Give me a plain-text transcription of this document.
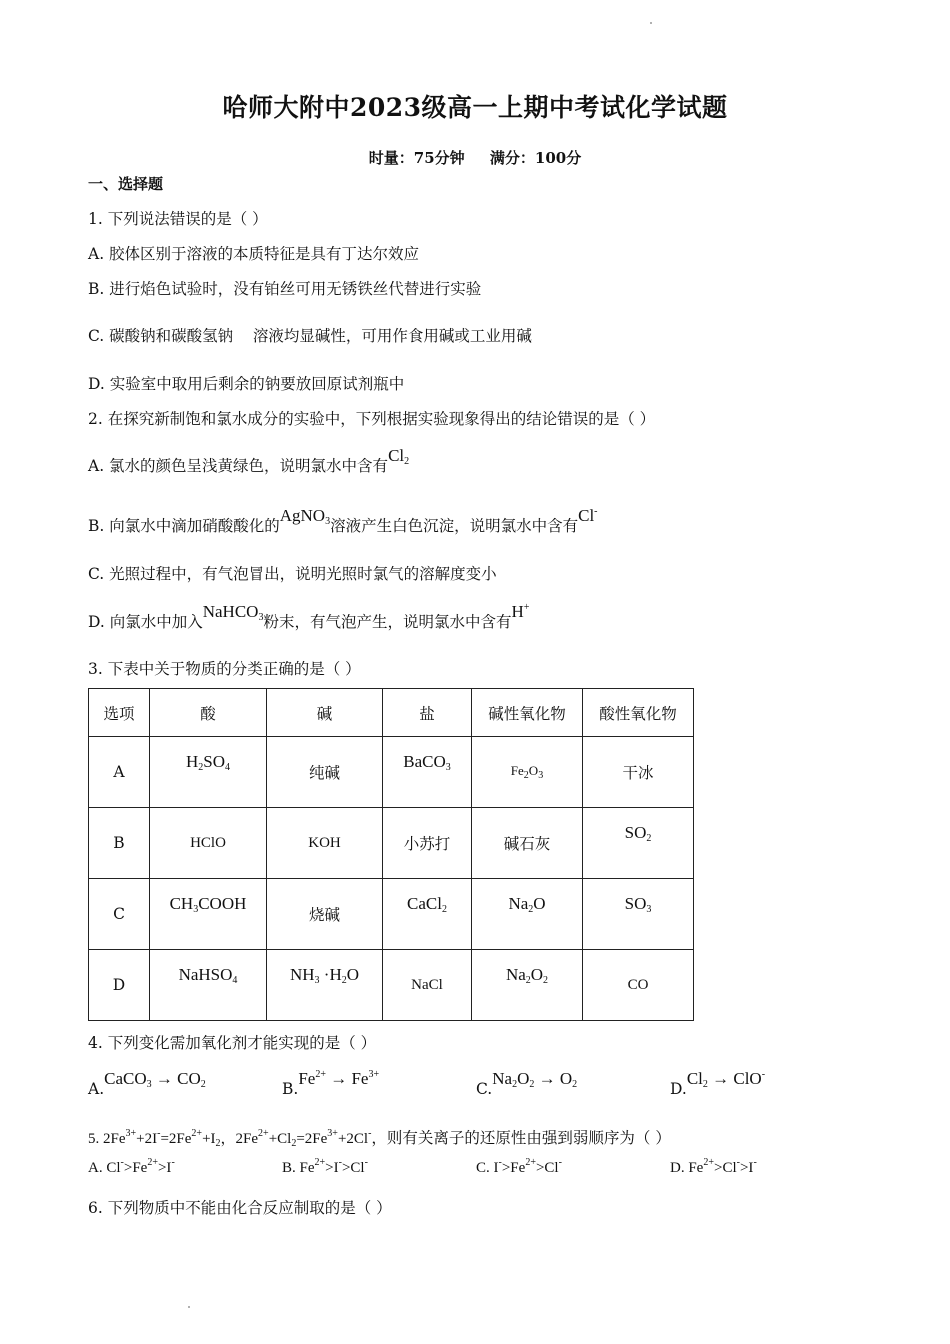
哈师大附中2023级高一上期中考试化学试题
时量：75分钟 满分：100分
一、选择题
1. 下列说法错误的是（ ）
A. 胶体区别于溶液的本质特征是具有丁达尔效应
B. 进行焰色试验时，没有铂丝可用无锈铁丝代替进行实验
C. 碳酸钠和碳酸氢钠    溶液均显碱性，可用作食用碱或工业用碱
D. 实验室中取用后剩余的钠要放回原试剂瓶中
2. 在探究新制饱和氯水成分的实验中，下列根据实验现象得出的结论错误的是（ ）
A. 氯水的颜色呈浅黄绿色，说明氯水中含有$Cl_2$
B. 向氯水中滴加硝酸酸化的AgNO$_3$溶液产生白色沉淀，说明氯水中含有Cl-
C. 光照过程中，有气泡冒出，说明光照时氯气的溶解度变小
D. 向氯水中加入NaHCO$_3$粉末，有气泡产生，说明氯水中含有H+
3. 下表中关于物质的分类正确的是（ ）
选项	酸	碱	盐	碱性氧化物	酸性氧化物
A	$H_2SO_4$	纯碱	BaCO$_3$	$Fe_2O_3$	干冰
B	HClO	KOH	小苏打	碱石灰	$SO_2$
C	$CH_3COOH$	烧碱	CaCl$_2$	$Na_2O$	$SO_3$
D	NaHSO$_4$	$NH_3 \cdot H_2O$	NaCl	$Na_2O_2$	CO
4. 下列变化需加氧化剂才能实现的是（ ）
A.CaCO$_3$ → $CO_2$	$B.Fe^{2+} \to Fe^{3+}$
$C.Na_2O_2 \to O_2$	$D.Cl_2 \to ClO^-$
5. $2Fe^{3+}+2I^-=2Fe^{2+}+I_2$，$2Fe^{2+}+Cl_2=2Fe^{3+}+2Cl^-$，则有关离子的还原性由强到弱顺序为（ ）
A. $Cl^->Fe^{2+}>I^-$	B. $Fe^{2+}>I^->Cl^-$	C. $I^->Fe^{2+}>Cl^-$	D. $Fe^{2+}>Cl^->I^-$
6. 下列物质中不能由化合反应制取的是（ ）
